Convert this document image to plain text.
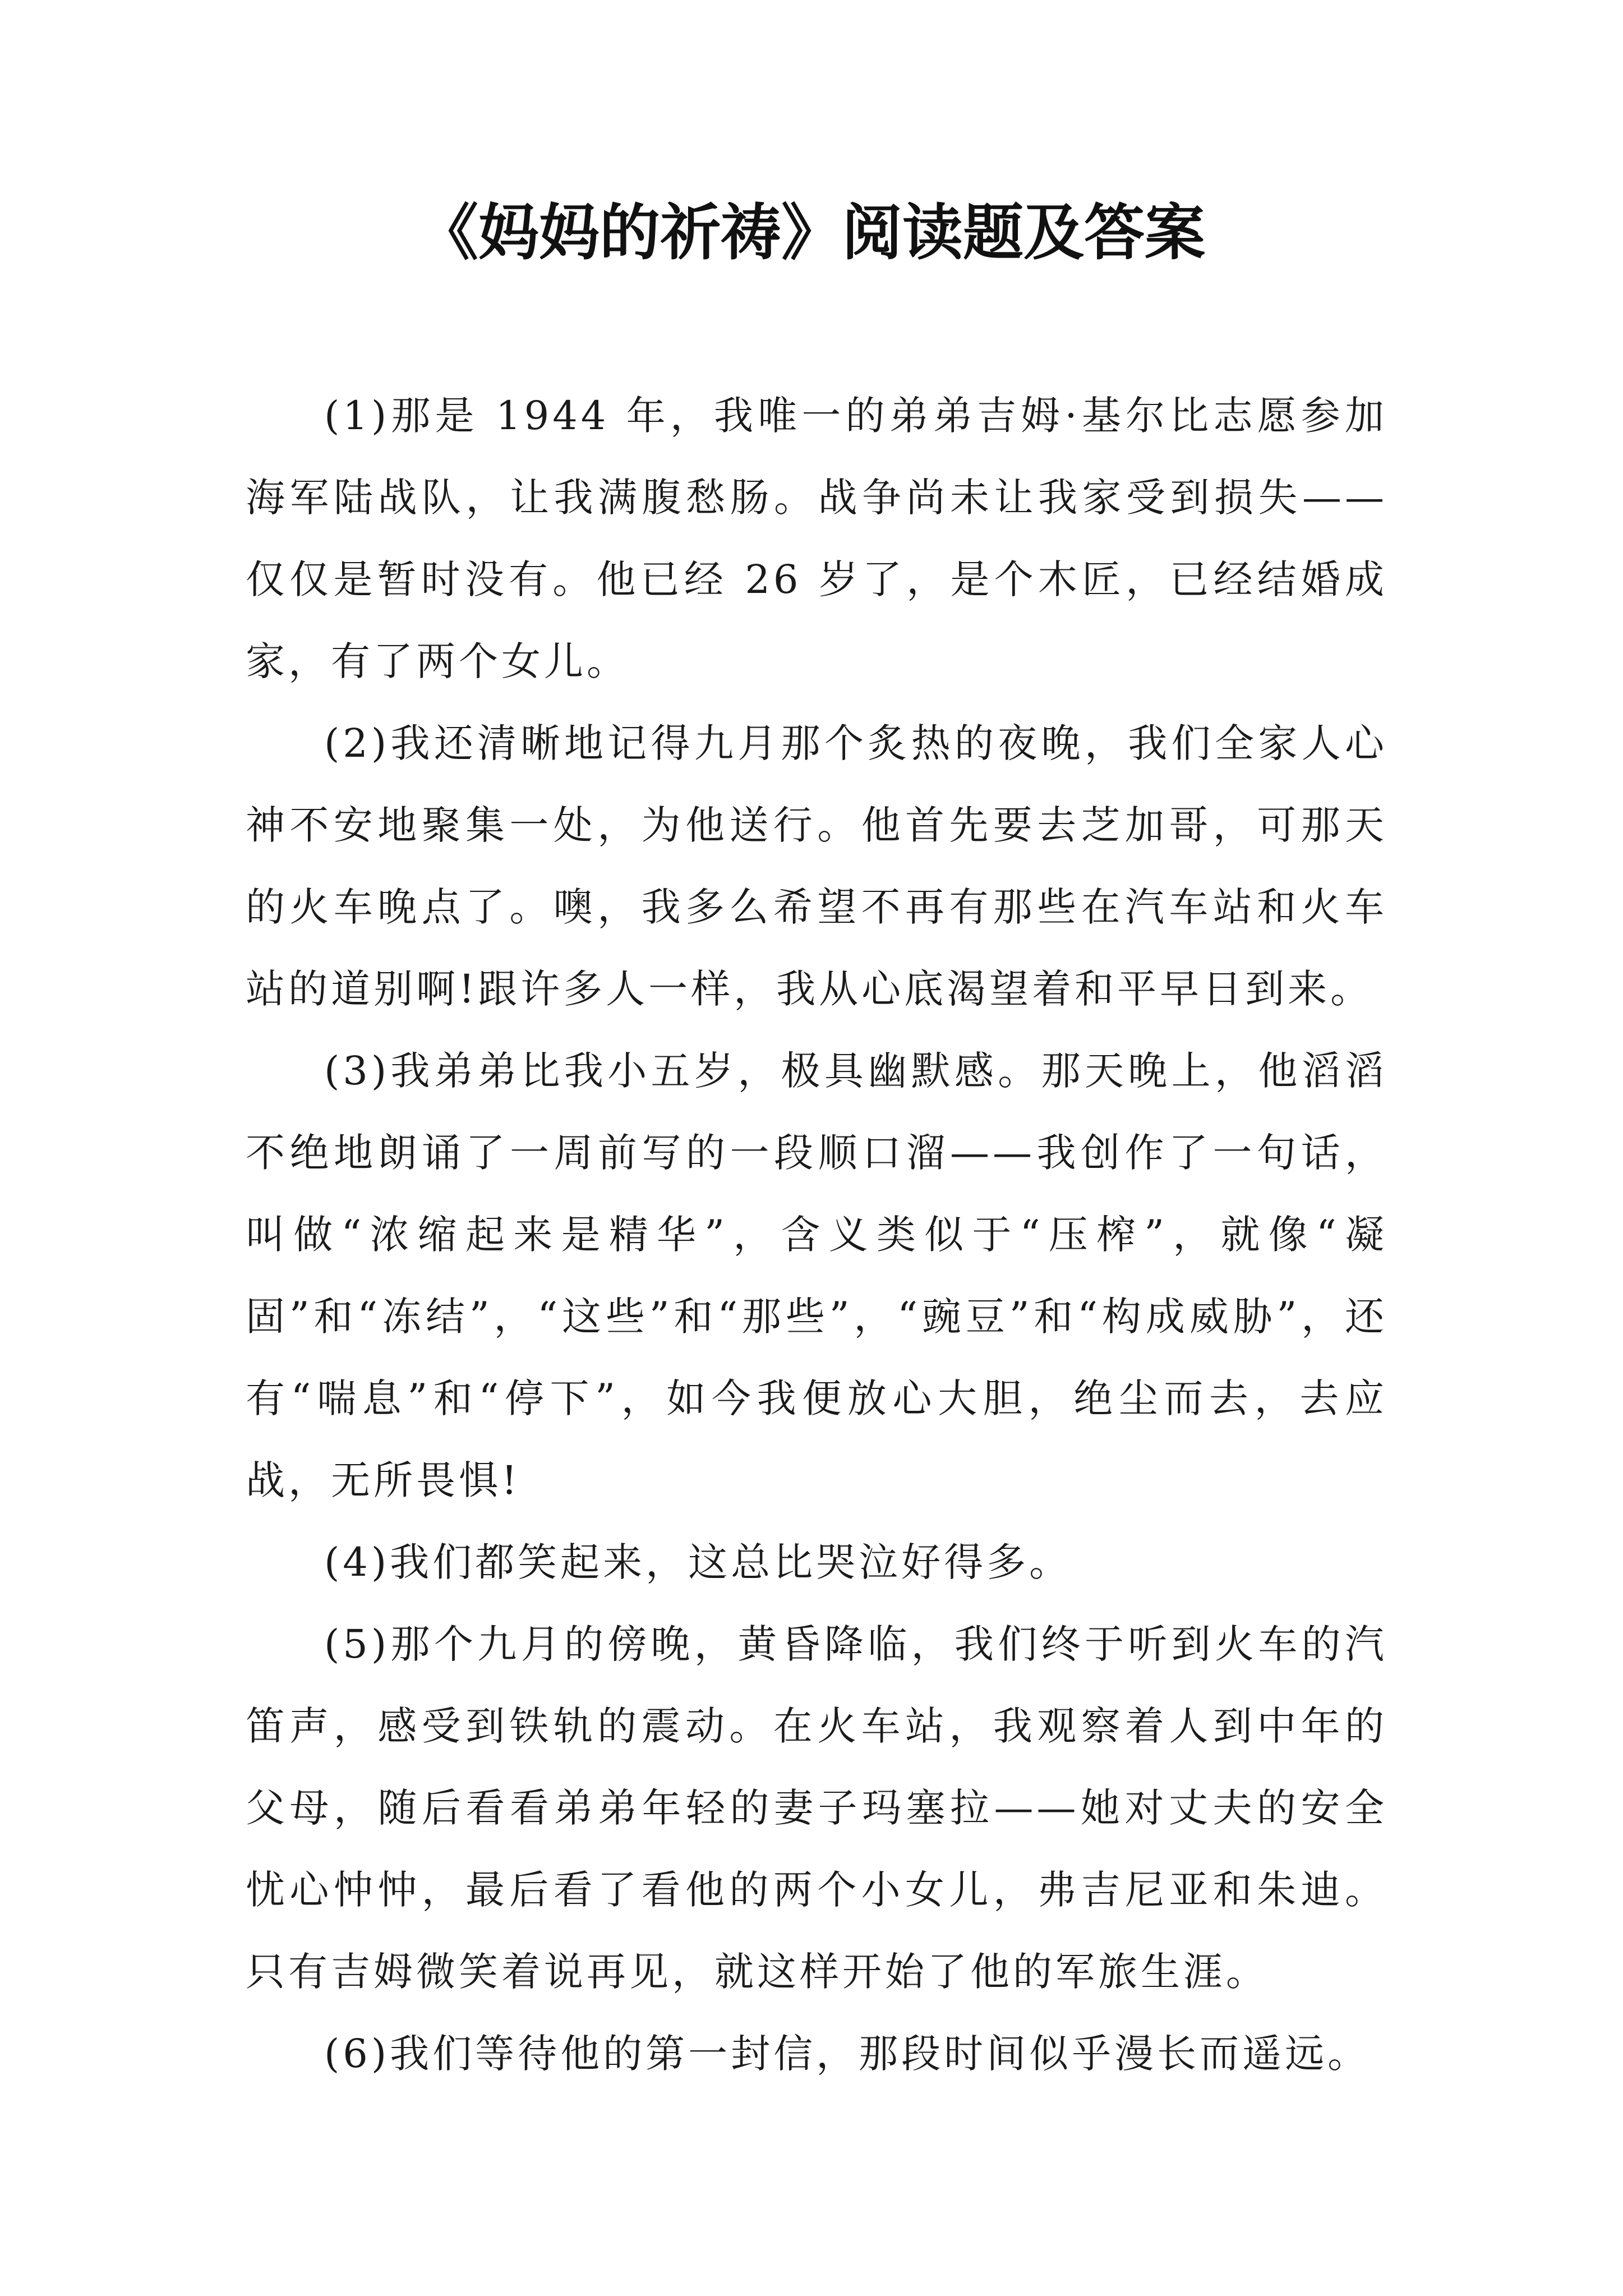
《妈妈的祈祷》阅读题及答案

(1)那是 1944 年，我唯一的弟弟吉姆·基尔比志愿参加海军陆战队，让我满腹愁肠。战争尚未让我家受到损失——仅仅是暂时没有。他已经 26 岁了，是个木匠，已经结婚成家，有了两个女儿。

(2)我还清晰地记得九月那个炙热的夜晚，我们全家人心神不安地聚集一处，为他送行。他首先要去芝加哥，可那天的火车晚点了。噢，我多么希望不再有那些在汽车站和火车站的道别啊!跟许多人一样，我从心底渴望着和平早日到来。

(3)我弟弟比我小五岁，极具幽默感。那天晚上，他滔滔不绝地朗诵了一周前写的一段顺口溜——我创作了一句话，叫做“浓缩起来是精华”，含义类似于“压榨”，就像“凝固”和“冻结”，“这些”和“那些”，“豌豆”和“构成威胁”，还有“喘息”和“停下”，如今我便放心大胆，绝尘而去，去应战，无所畏惧!

(4)我们都笑起来，这总比哭泣好得多。

(5)那个九月的傍晚，黄昏降临，我们终于听到火车的汽笛声，感受到铁轨的震动。在火车站，我观察着人到中年的父母，随后看看弟弟年轻的妻子玛塞拉——她对丈夫的安全忧心忡忡，最后看了看他的两个小女儿，弗吉尼亚和朱迪。只有吉姆微笑着说再见，就这样开始了他的军旅生涯。

(6)我们等待他的第一封信，那段时间似乎漫长而遥远。
